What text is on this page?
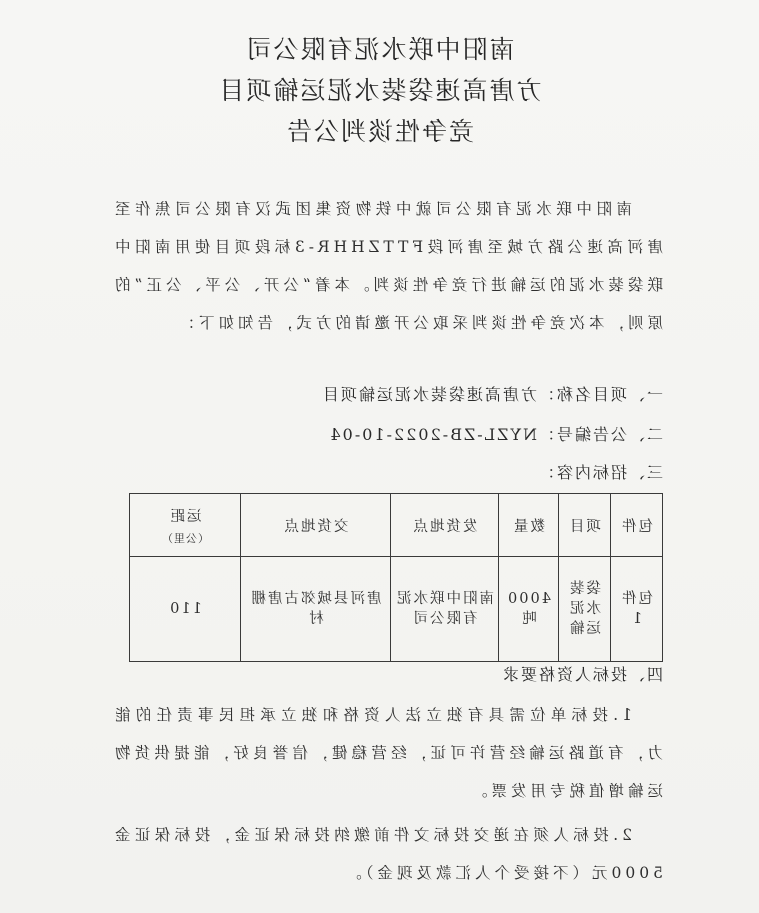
南阳中联水泥有限公司
方唐高速袋装水泥运输项目
竞争性谈判公告
南阳中联水泥有限公司就中铁物资集团武汉有限公司焦作至唐河高速公路方城至唐河段FTTZHHR-3标段项目使用南阳中联袋装水泥的运输进行竞争性谈判。本着“公开、公平、公正”的原则，本次竞争性谈判采取公开邀请的方式，告知如下：
一、项目名称：方唐高速袋装水泥运输项目
二、公告编号：NYZL-ZB-2022-10-04
三、招标内容：
包件	项目	数量	发货地点	交货地点	运距
（公里）

包件1	袋装水泥运输	4000吨	南阳中联水泥有限公司	唐河县城郊古唐棚村	110
四、投标人资格要求
1.投标单位需具有独立法人资格和独立承担民事责任的能力，有道路运输经营许可证，经营稳健，信誉良好，能提供货物运输增值税专用发票。
2.投标人须在递交投标文件前缴纳投标保证金，投标保证金5000元（不接受个人汇款及现金）。
